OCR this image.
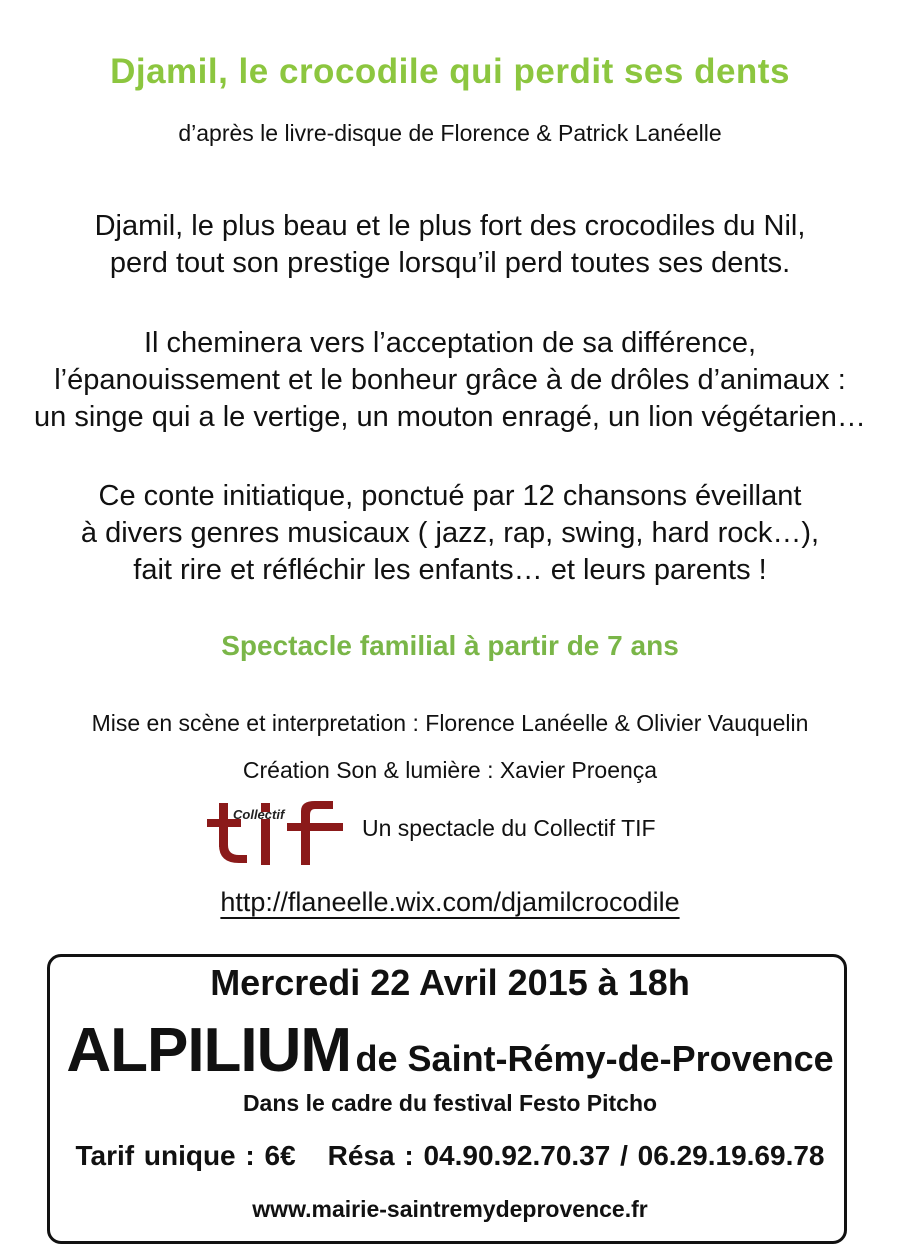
Djamil, le crocodile qui perdit ses dents
d’après le livre-disque de Florence & Patrick Lanéelle
Djamil, le plus beau et le plus fort des crocodiles du Nil,
perd tout son prestige lorsqu’il perd toutes ses dents.
Il cheminera vers l’acceptation de sa différence,
l’épanouissement et le bonheur grâce à de drôles d’animaux :
un singe qui a le vertige, un mouton enragé, un lion végétarien…
Ce conte initiatique, ponctué par 12 chansons éveillant
à divers genres musicaux ( jazz, rap, swing, hard rock…),
fait rire et réfléchir les enfants… et leurs parents !
Spectacle familial à partir de 7 ans
Mise en scène et interpretation : Florence Lanéelle & Olivier Vauquelin
Création Son & lumière : Xavier Proença
Collectif
Un spectacle du Collectif TIF
http://flaneelle.wix.com/djamilcrocodile
Mercredi 22 Avril 2015 à 18h
ALPILIUM de Saint-Rémy-de-Provence
Dans le cadre du festival Festo Pitcho
Tarif unique : 6€ Résa : 04.90.92.70.37 / 06.29.19.69.78
www.mairie-saintremydeprovence.fr
